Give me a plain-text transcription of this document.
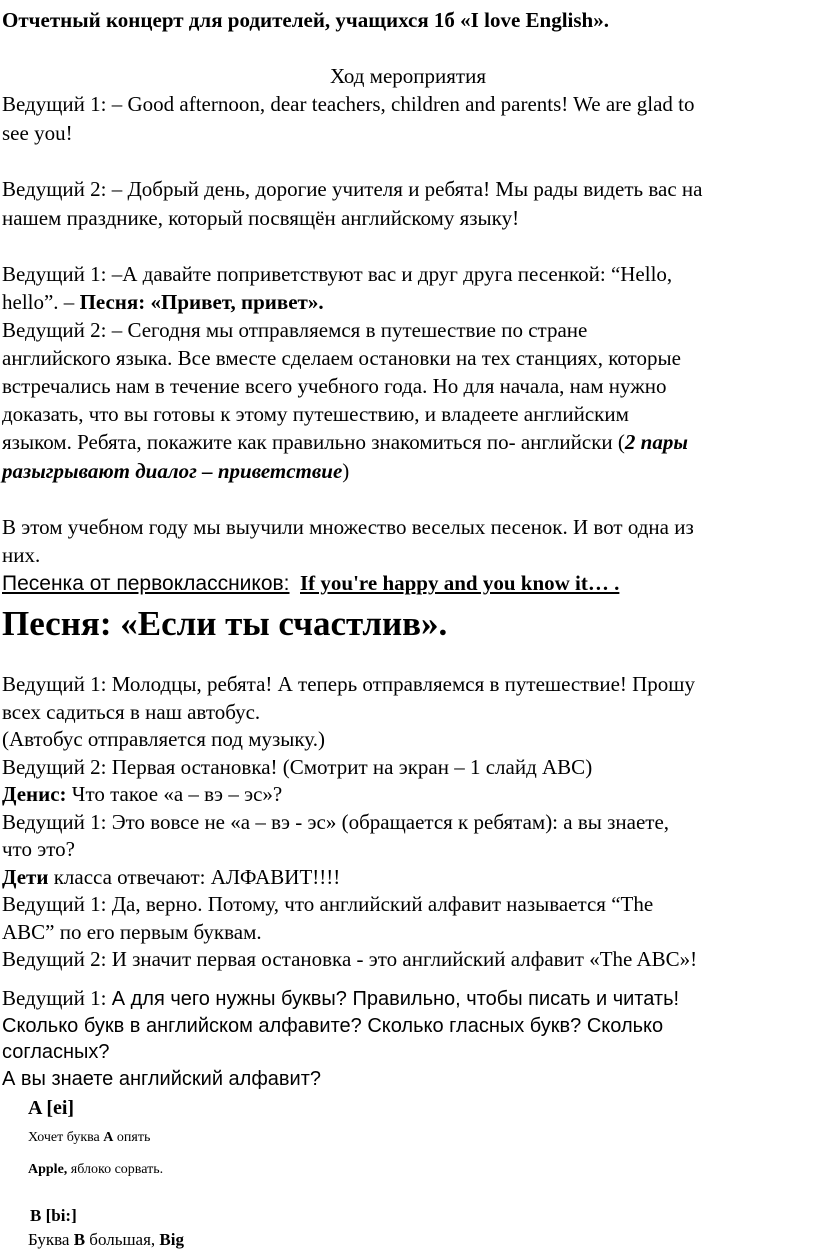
Отчетный концерт для родителей, учащихся 1б «I love English».
Ход мероприятия
Ведущий 1: – Good afternoon, dear teachers, children and parents! We are glad to
see you!
Ведущий 2: – Добрый день, дорогие учителя и ребята! Мы рады видеть вас на
нашем празднике, который посвящён английскому языку!
Ведущий 1: –А давайте поприветствуют вас и друг друга песенкой: “Hello,
hello”. – Песня: «Привет, привет».
Ведущий 2: – Сегодня мы отправляемся в путешествие по стране
английского языка. Все вместе сделаем остановки на тех станциях, которые
встречались нам в течение всего учебного года. Но для начала, нам нужно
доказать, что вы готовы к этому путешествию, и владеете английским
языком. Ребята, покажите как правильно знакомиться по- английски (2 пары
разыгрывают диалог – приветствие)
В этом учебном году мы выучили множество веселых песенок. И вот одна из
них.
Песенка от первоклассников: If you're happy and you know it… .
Песня: «Если ты счастлив».
Ведущий 1: Молодцы, ребята! А теперь отправляемся в путешествие! Прошу
всех садиться в наш автобус.
(Автобус отправляется под музыку.)
Ведущий 2: Первая остановка! (Смотрит на экран – 1 слайд ABC)
Денис: Что такое «а – вэ – эс»?
Ведущий 1: Это вовсе не «а – вэ - эс» (обращается к ребятам): а вы знаете,
что это?
Дети класса отвечают: АЛФАВИТ!!!!
Ведущий 1: Да, верно. Потому, что английский алфавит называется “The
ABC” по его первым буквам.
Ведущий 2: И значит первая остановка - это английский алфавит «The ABC»!
Ведущий 1: А для чего нужны буквы? Правильно, чтобы писать и читать!
Сколько букв в английском алфавите? Сколько гласных букв? Сколько
согласных?
А вы знаете английский алфавит?
A [ei]
Хочет буква А опять
Apple, яблоко сорвать.
B [bi:]
Буква B большая, Big
